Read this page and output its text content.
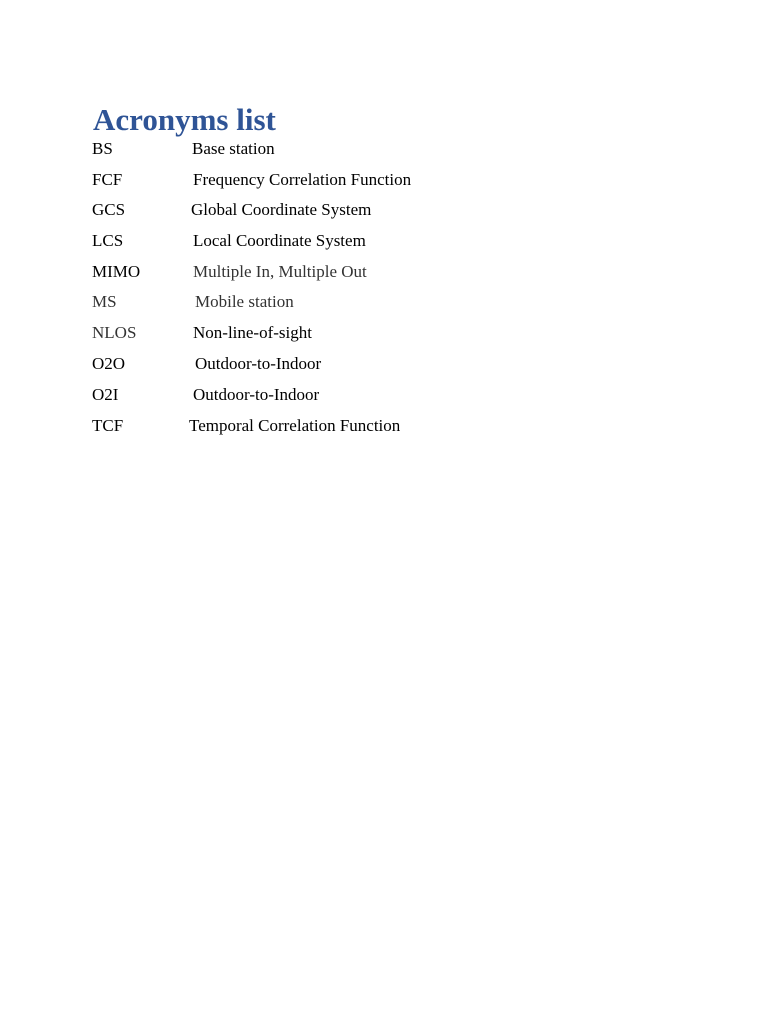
Acronyms list
BS	Base station
FCF	Frequency Correlation Function
GCS	Global Coordinate System
LCS	Local Coordinate System
MIMO	Multiple In, Multiple Out
MS	Mobile station
NLOS	Non-line-of-sight
O2O	Outdoor-to-Indoor
O2I	Outdoor-to-Indoor
TCF	Temporal Correlation Function
